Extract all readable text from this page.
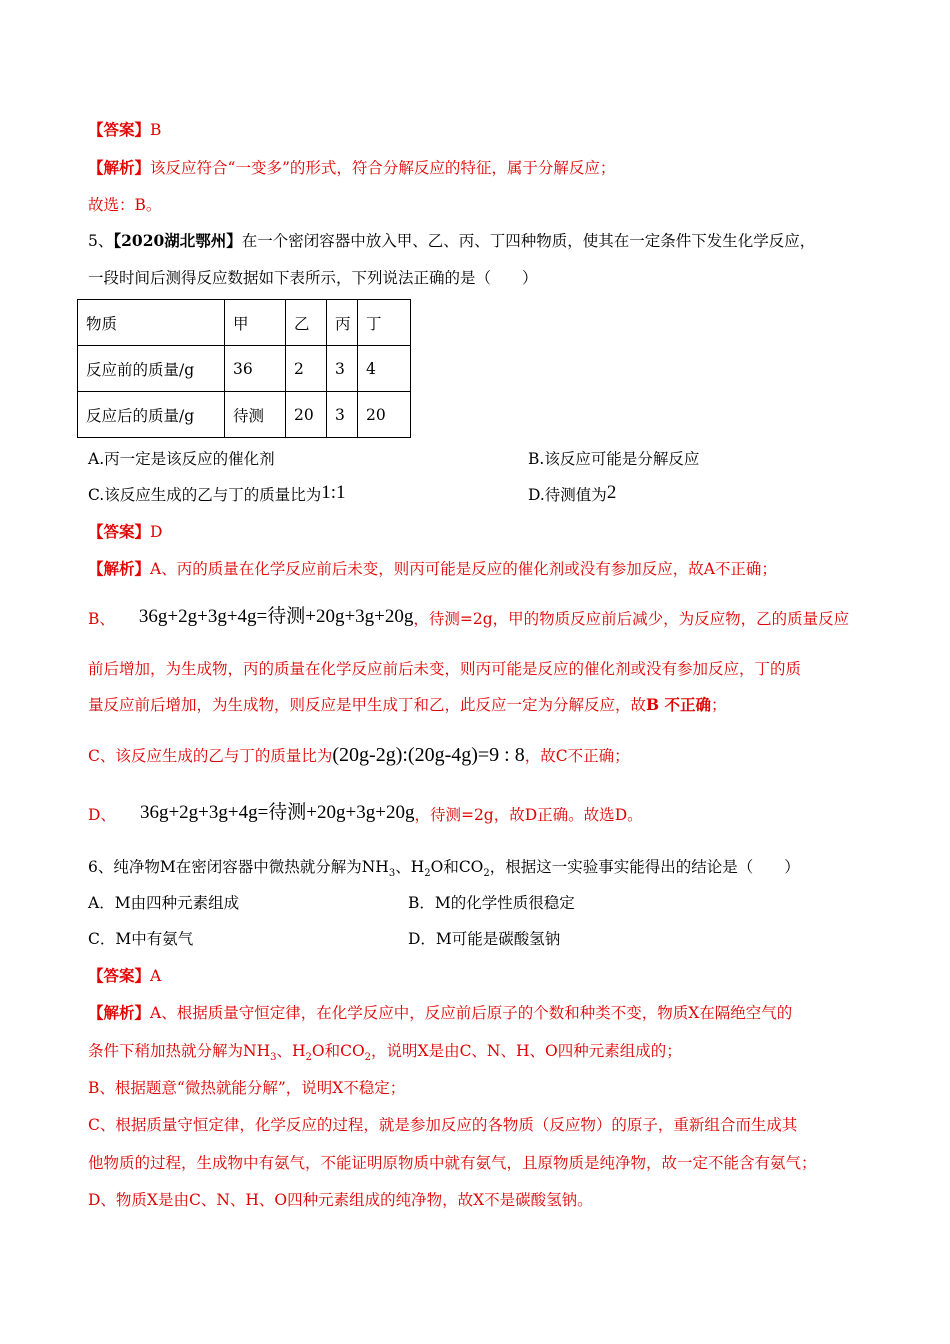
【答案】B
【解析】该反应符合“一变多”的形式，符合分解反应的特征，属于分解反应；
故选：B。
5、【2020湖北鄂州】在一个密闭容器中放入甲、乙、丙、丁四种物质，使其在一定条件下发生化学反应，
一段时间后测得反应数据如下表所示，下列说法正确的是（　　）
物质	甲	乙	丙	丁
反应前的质量/g	36	2	3	4
反应后的质量/g	待测	20	3	20
A.丙一定是该反应的催化剂	B.该反应可能是分解反应
C.该反应生成的乙与丁的质量比为1:1	D.待测值为2
【答案】D
【解析】A、丙的质量在化学反应前后未变，则丙可能是反应的催化剂或没有参加反应，故A不正确；
B、 36g+2g+3g+4g=待测+20g+3g+20g，待测=2g，甲的物质反应前后减少，为反应物，乙的质量反应
前后增加，为生成物，丙的质量在化学反应前后未变，则丙可能是反应的催化剂或没有参加反应，丁的质
量反应前后增加，为生成物，则反应是甲生成丁和乙，此反应一定为分解反应，故B 不正确；
C、该反应生成的乙与丁的质量比为(20g-2g):(20g-4g)=9 : 8，故C不正确；
D、 36g+2g+3g+4g=待测+20g+3g+20g，待测=2g，故D正确。故选D。
6、纯净物M在密闭容器中微热就分解为$NH_3$、$H_2O$和$CO_2$，根据这一实验事实能得出的结论是（　　）
A．M由四种元素组成	B．M的化学性质很稳定
C．M中有氨气	D．M可能是碳酸氢钠
【答案】A
【解析】A、根据质量守恒定律，在化学反应中，反应前后原子的个数和种类不变，物质X在隔绝空气的
条件下稍加热就分解为$NH_3$、$H_2O$和$CO_2$，说明X是由C、N、H、O四种元素组成的；
B、根据题意“微热就能分解”，说明X不稳定；
C、根据质量守恒定律，化学反应的过程，就是参加反应的各物质（反应物）的原子，重新组合而生成其
他物质的过程，生成物中有氨气，不能证明原物质中就有氨气，且原物质是纯净物，故一定不能含有氨气；
D、物质X是由C、N、H、O四种元素组成的纯净物，故X不是碳酸氢钠。
